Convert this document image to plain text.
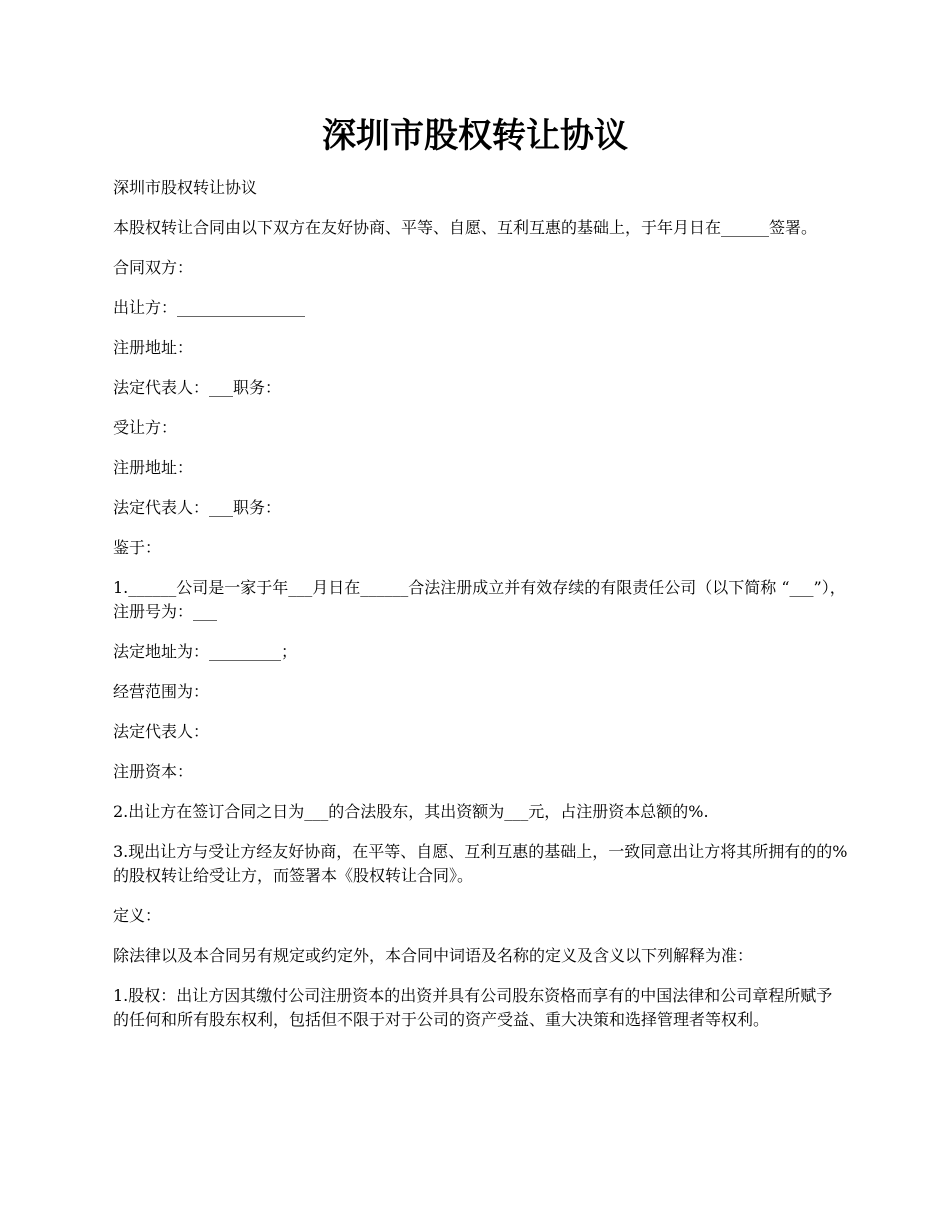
深圳市股权转让协议

深圳市股权转让协议

本股权转让合同由以下双方在友好协商、平等、自愿、互利互惠的基础上，于年月日在______签署。

合同双方：

出让方：________________

注册地址：

法定代表人：___职务：

受让方：

注册地址：

法定代表人：___职务：

鉴于：

1.______公司是一家于年___月日在______合法注册成立并有效存续的有限责任公司（以下简称 “___”），注册号为：___

法定地址为：_________；

经营范围为：

法定代表人：

注册资本：

2.出让方在签订合同之日为___的合法股东，其出资额为___元，占注册资本总额的%.

3.现出让方与受让方经友好协商，在平等、自愿、互利互惠的基础上，一致同意出让方将其所拥有的的%的股权转让给受让方，而签署本《股权转让合同》。

定义：

除法律以及本合同另有规定或约定外，本合同中词语及名称的定义及含义以下列解释为准：

1.股权：出让方因其缴付公司注册资本的出资并具有公司股东资格而享有的中国法律和公司章程所赋予的任何和所有股东权利，包括但不限于对于公司的资产受益、重大决策和选择管理者等权利。
